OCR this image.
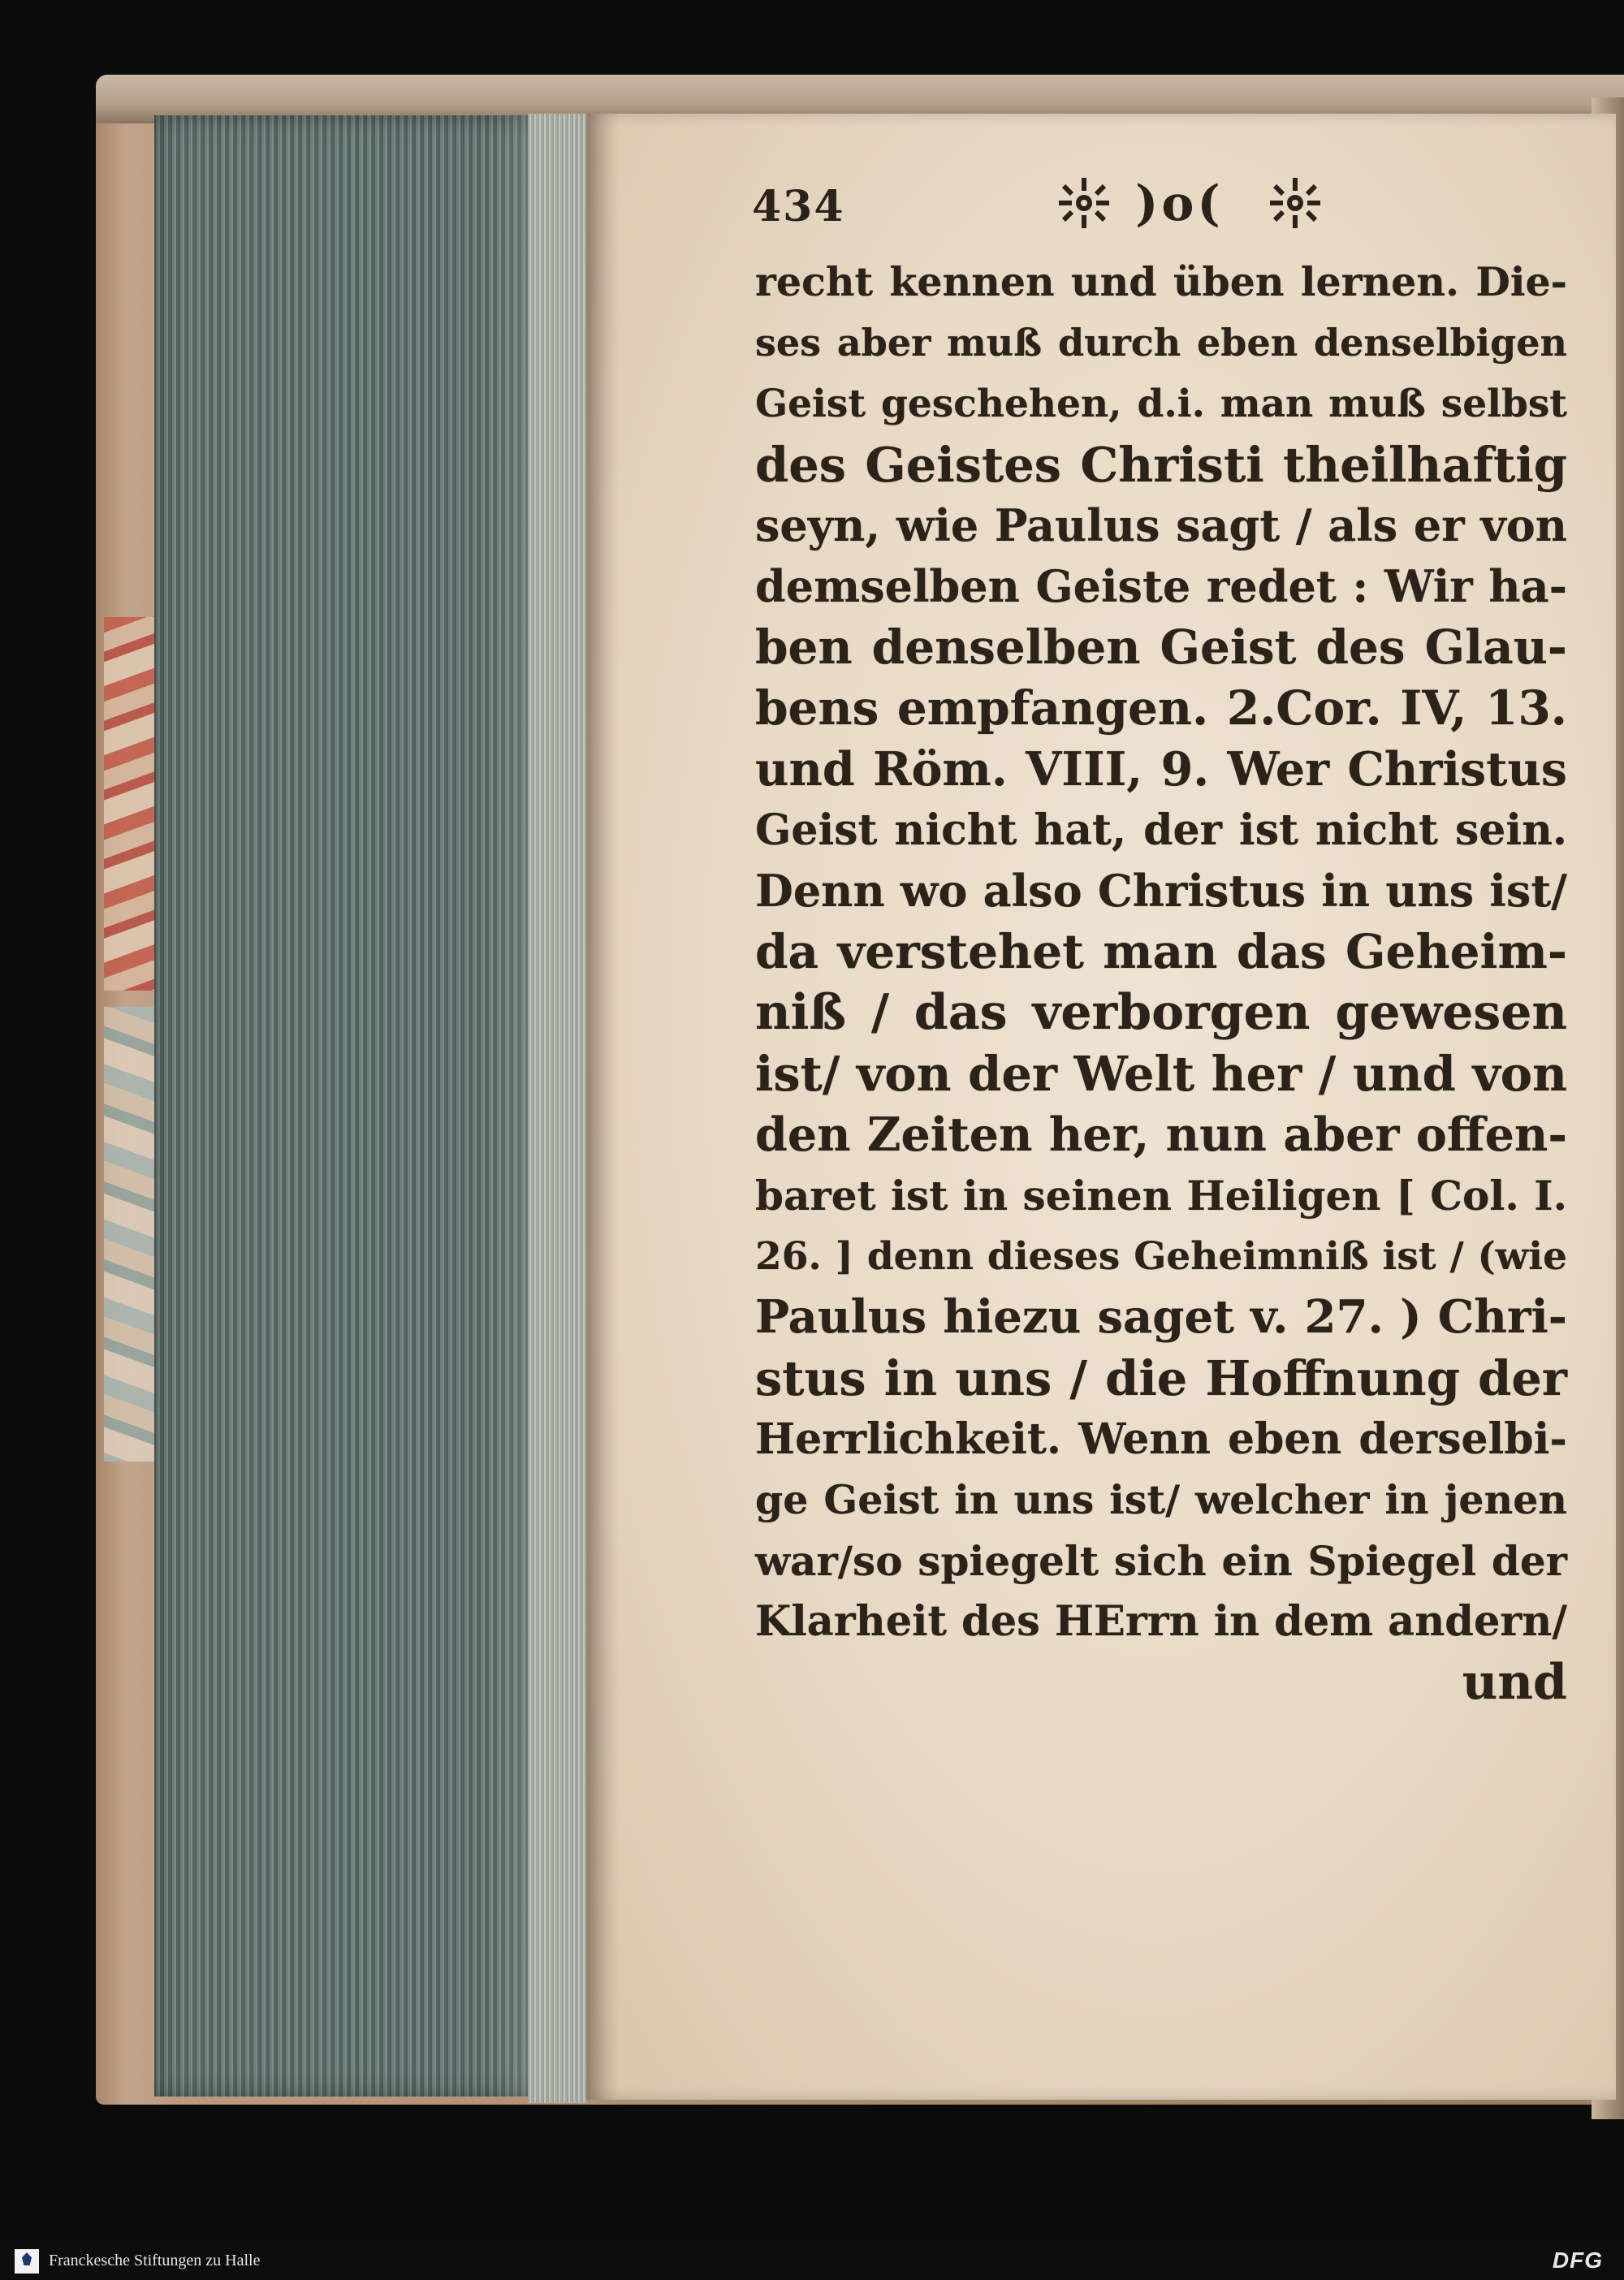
434	)o(
recht kennen und üben lernen. Die-
ses aber muß durch eben denselbigen
Geist geschehen, d.i. man muß selbst
des Geistes Christi theilhaftig
seyn, wie Paulus sagt / als er von
demselben Geiste redet : Wir ha-
ben denselben Geist des Glau-
bens empfangen. 2.Cor. IV, 13.
und Röm. VIII, 9. Wer Christus
Geist nicht hat, der ist nicht sein.
Denn wo also Christus in uns ist/
da verstehet man das Geheim-
niß / das verborgen gewesen
ist/ von der Welt her / und von
den Zeiten her, nun aber offen-
baret ist in seinen Heiligen [ Col. I.
26. ] denn dieses Geheimniß ist / (wie
Paulus hiezu saget v. 27. ) Chri-
stus in uns / die Hoffnung der
Herrlichkeit. Wenn eben derselbi-
ge Geist in uns ist/ welcher in jenen
war/so spiegelt sich ein Spiegel der
Klarheit des HErrn in dem andern/
und
Franckesche Stiftungen zu Halle	DFG
